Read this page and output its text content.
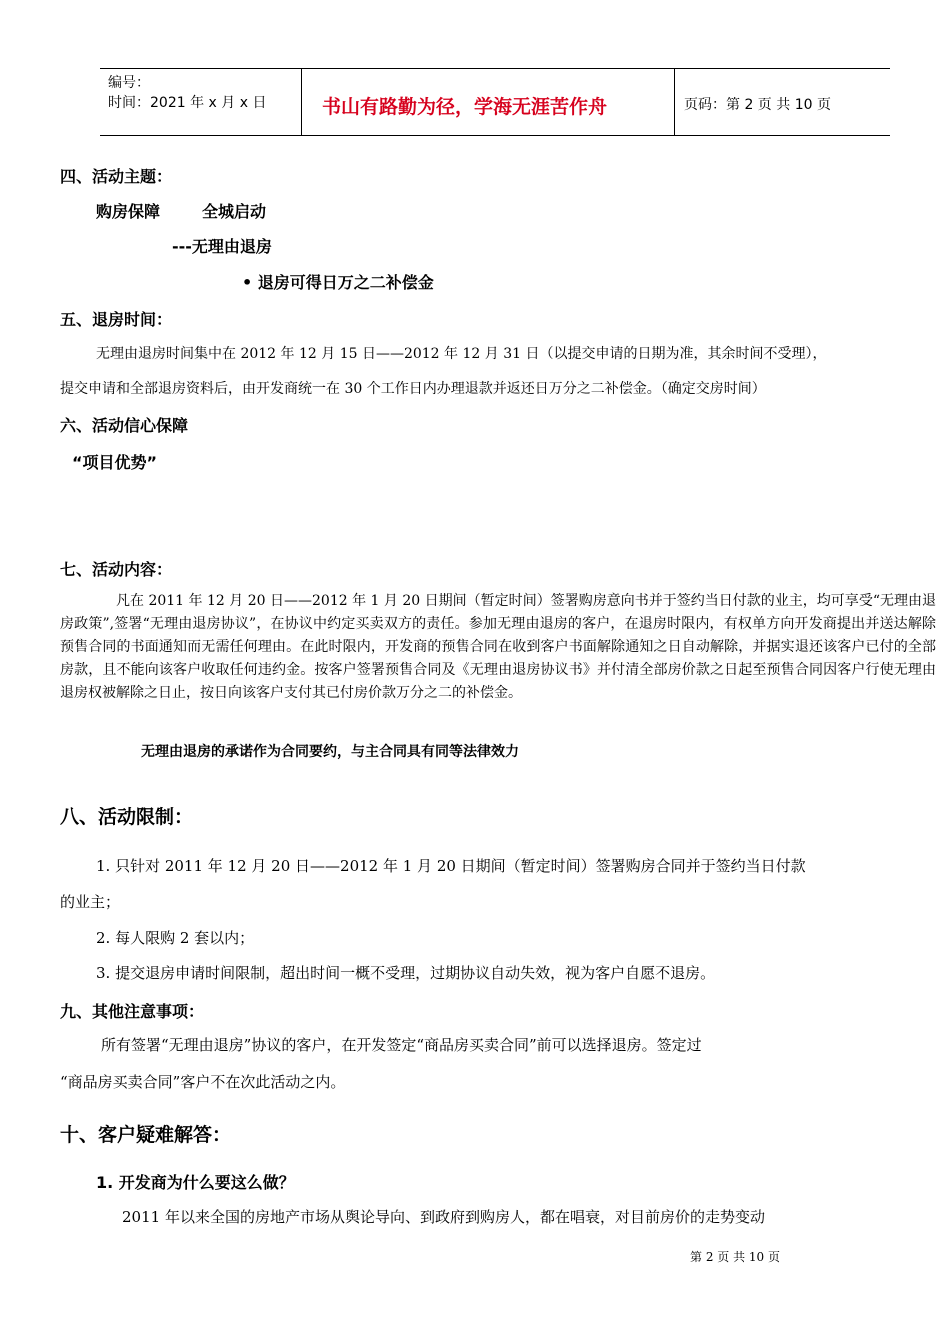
编号：
时间：2021 年 x 月 x 日	书山有路勤为径，学海无涯苦作舟	页码：第 2 页 共 10 页
四、活动主题：
购房保障	全城启动
---无理由退房
• 退房可得日万之二补偿金
五、退房时间：
无理由退房时间集中在 2012 年 12 月 15 日——2012 年 12 月 31 日（以提交申请的日期为准，其余时间不受理），
提交申请和全部退房资料后，由开发商统一在 30 个工作日内办理退款并返还日万分之二补偿金。（确定交房时间）
六、活动信心保障
“项目优势”
七、活动内容：

凡在 2011 年 12 月 20 日——2012 年 1 月 20 日期间（暂定时间）签署购房意向书并于签约当日付款的业主，均可享受“无理由退房政策”,签署“无理由退房协议”，在协议中约定买卖双方的责任。参加无理由退房的客户，在退房时限内，有权单方向开发商提出并送达解除预售合同的书面通知而无需任何理由。在此时限内，开发商的预售合同在收到客户书面解除通知之日自动解除，并据实退还该客户已付的全部房款，且不能向该客户收取任何违约金。按客户签署预售合同及《无理由退房协议书》并付清全部房价款之日起至预售合同因客户行使无理由退房权被解除之日止，按日向该客户支付其已付房价款万分之二的补偿金。

无理由退房的承诺作为合同要约，与主合同具有同等法律效力
八、活动限制：
1. 只针对 2011 年 12 月 20 日——2012 年 1 月 20 日期间（暂定时间）签署购房合同并于签约当日付款
的业主；
2. 每人限购 2 套以内；
3. 提交退房申请时间限制，超出时间一概不受理，过期协议自动失效，视为客户自愿不退房。
九、其他注意事项：
所有签署“无理由退房”协议的客户，在开发签定“商品房买卖合同”前可以选择退房。签定过
“商品房买卖合同”客户不在次此活动之内。
十、客户疑难解答：
1. 开发商为什么要这么做？
2011 年以来全国的房地产市场从舆论导向、到政府到购房人，都在唱衰，对目前房价的走势变动
第 2 页 共 10 页
